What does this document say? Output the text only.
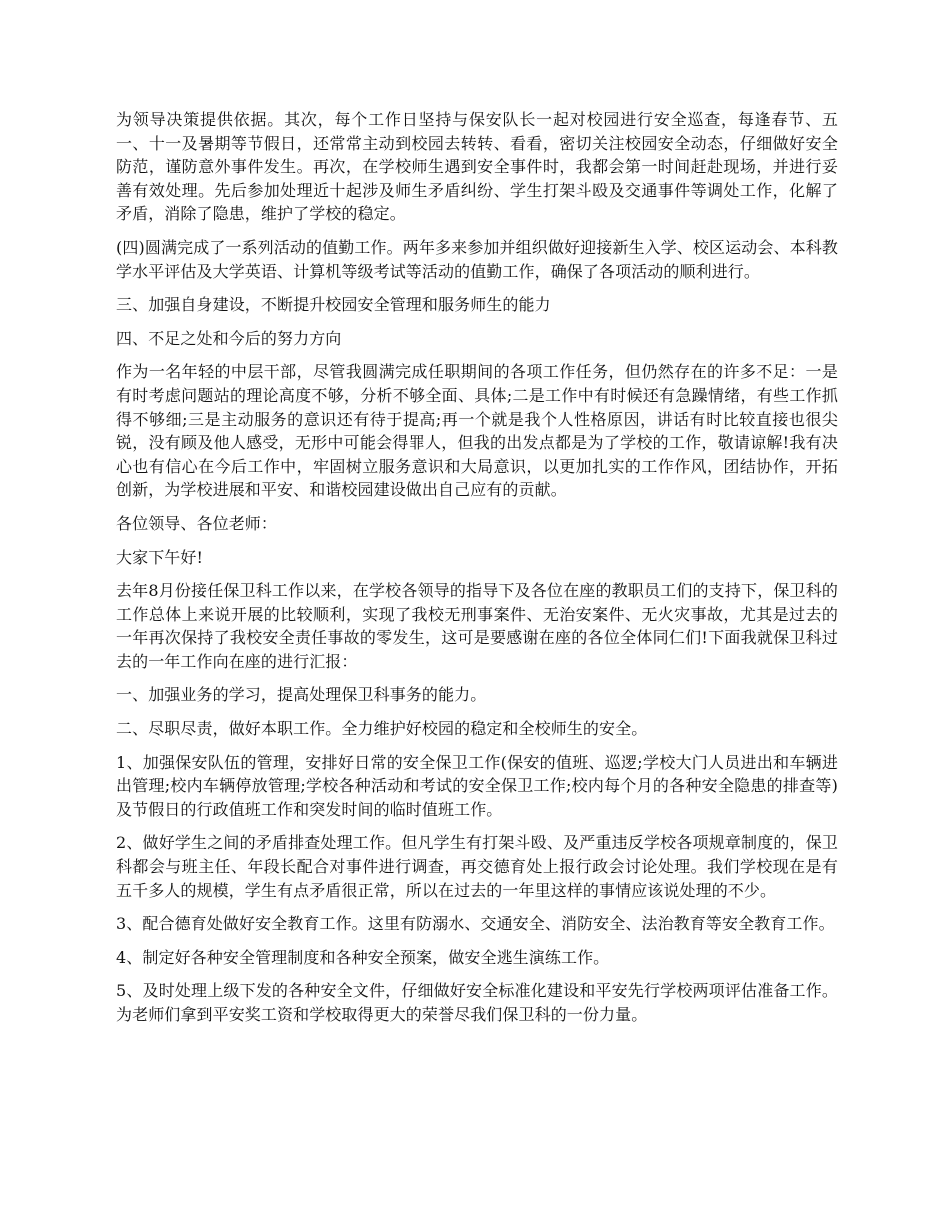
为领导决策提供依据。其次，每个工作日坚持与保安队长一起对校园进行安全巡查，每逢春节、五一、十一及暑期等节假日，还常常主动到校园去转转、看看，密切关注校园安全动态，仔细做好安全防范，谨防意外事件发生。再次，在学校师生遇到安全事件时，我都会第一时间赶赴现场，并进行妥善有效处理。先后参加处理近十起涉及师生矛盾纠纷、学生打架斗殴及交通事件等调处工作，化解了矛盾，消除了隐患，维护了学校的稳定。

(四)圆满完成了一系列活动的值勤工作。两年多来参加并组织做好迎接新生入学、校区运动会、本科教学水平评估及大学英语、计算机等级考试等活动的值勤工作，确保了各项活动的顺利进行。

三、加强自身建设，不断提升校园安全管理和服务师生的能力

四、不足之处和今后的努力方向

作为一名年轻的中层干部，尽管我圆满完成任职期间的各项工作任务，但仍然存在的许多不足：一是有时考虑问题站的理论高度不够，分析不够全面、具体;二是工作中有时候还有急躁情绪，有些工作抓得不够细;三是主动服务的意识还有待于提高;再一个就是我个人性格原因，讲话有时比较直接也很尖锐，没有顾及他人感受，无形中可能会得罪人，但我的出发点都是为了学校的工作，敬请谅解!我有决心也有信心在今后工作中，牢固树立服务意识和大局意识，以更加扎实的工作作风，团结协作，开拓创新，为学校进展和平安、和谐校园建设做出自己应有的贡献。

各位领导、各位老师：

大家下午好!

去年8月份接任保卫科工作以来，在学校各领导的指导下及各位在座的教职员工们的支持下，保卫科的工作总体上来说开展的比较顺利，实现了我校无刑事案件、无治安案件、无火灾事故，尤其是过去的一年再次保持了我校安全责任事故的零发生，这可是要感谢在座的各位全体同仁们!下面我就保卫科过去的一年工作向在座的进行汇报：

一、加强业务的学习，提高处理保卫科事务的能力。

二、尽职尽责，做好本职工作。全力维护好校园的稳定和全校师生的安全。

1、加强保安队伍的管理，安排好日常的安全保卫工作(保安的值班、巡逻;学校大门人员进出和车辆进出管理;校内车辆停放管理;学校各种活动和考试的安全保卫工作;校内每个月的各种安全隐患的排查等)及节假日的行政值班工作和突发时间的临时值班工作。

2、做好学生之间的矛盾排查处理工作。但凡学生有打架斗殴、及严重违反学校各项规章制度的，保卫科都会与班主任、年段长配合对事件进行调查，再交德育处上报行政会讨论处理。我们学校现在是有五千多人的规模，学生有点矛盾很正常，所以在过去的一年里这样的事情应该说处理的不少。

3、配合德育处做好安全教育工作。这里有防溺水、交通安全、消防安全、法治教育等安全教育工作。

4、制定好各种安全管理制度和各种安全预案，做安全逃生演练工作。

5、及时处理上级下发的各种安全文件，仔细做好安全标准化建设和平安先行学校两项评估准备工作。为老师们拿到平安奖工资和学校取得更大的荣誉尽我们保卫科的一份力量。
